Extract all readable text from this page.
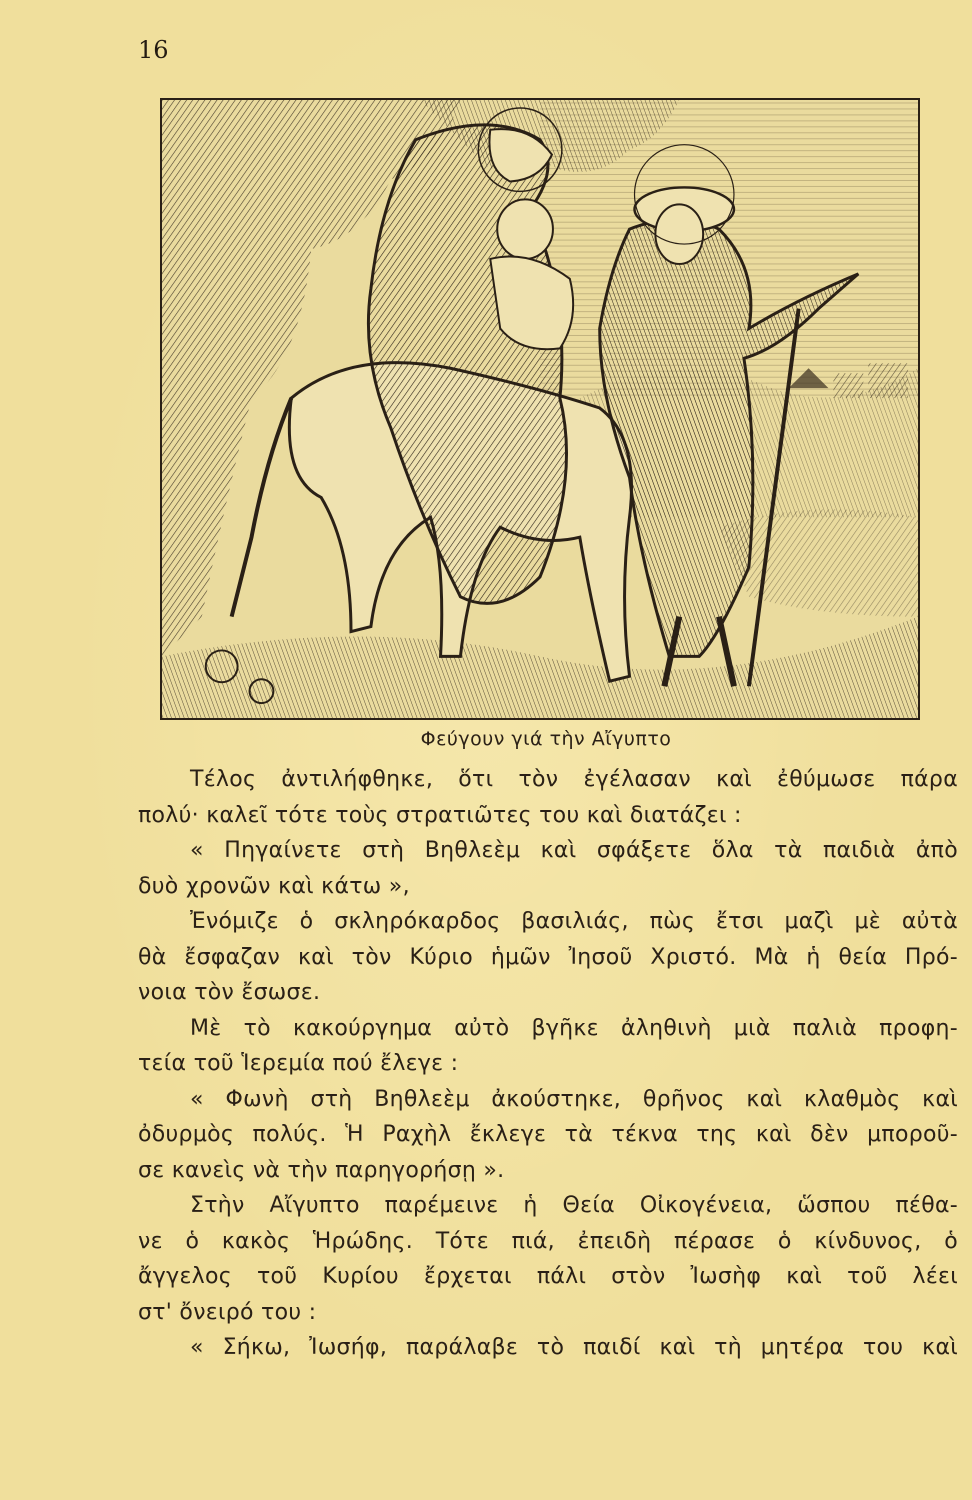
16
Φεύγουν γιά τὴν Αἴγυπτο
Τέλος ἀντιλήφθηκε, ὅτι τὸν ἐγέλασαν καὶ ἐθύμωσε πάρα
πολύ· καλεῖ τότε τοὺς στρατιῶτες του καὶ διατάζει :
« Πηγαίνετε στὴ Βηθλεὲμ καὶ σφάξετε ὅλα τὰ παιδιὰ ἀπὸ
δυὸ χρονῶν καὶ κάτω »,
Ἐνόμιζε ὁ σκληρόκαρδος βασιλιάς, πὼς ἔτσι μαζὶ μὲ αὐτὰ
θὰ ἔσφαζαν καὶ τὸν Κύριο ἡμῶν Ἰησοῦ Χριστό. Μὰ ἡ θεία Πρό-
νοια τὸν ἔσωσε.
Μὲ τὸ κακούργημα αὐτὸ βγῆκε ἀληθινὴ μιὰ παλιὰ προφη-
τεία τοῦ Ἱερεμία πού ἔλεγε :
« Φωνὴ στὴ Βηθλεὲμ ἀκούστηκε, θρῆνος καὶ κλαθμὸς καὶ
ὀδυρμὸς πολύς. Ἡ Ραχὴλ ἔκλεγε τὰ τέκνα της καὶ δὲν μποροῦ-
σε κανεὶς νὰ τὴν παρηγορήσῃ ».
Στὴν Αἴγυπτο παρέμεινε ἡ Θεία Οἰκογένεια, ὥσπου πέθα-
νε ὁ κακὸς Ἡρώδης. Τότε πιά, ἐπειδὴ πέρασε ὁ κίνδυνος, ὁ
ἄγγελος τοῦ Κυρίου ἔρχεται πάλι στὸν Ἰωσὴφ καὶ τοῦ λέει
στ' ὄνειρό του :
« Σήκω, Ἰωσήφ, παράλαβε τὸ παιδί καὶ τὴ μητέρα του καὶ
